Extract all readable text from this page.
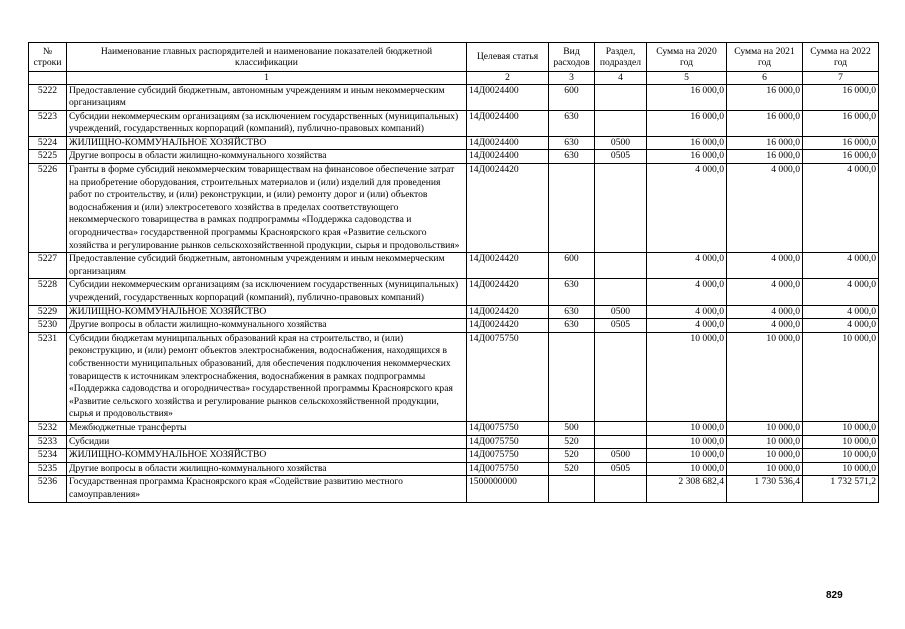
№ строки	Наименование главных распорядителей и наименование показателей бюджетной классификации	Целевая статья	Вид расходов	Раздел, подраздел	Сумма на 2020 год	Сумма на 2021 год	Сумма на 2022 год
	1	2	3	4	5	6	7
5222	Предоставление субсидий бюджетным, автономным учреждениям и иным некоммерческим организациям	14Д0024400	600		16 000,0	16 000,0	16 000,0
5223	Субсидии некоммерческим организациям (за исключением государственных (муниципальных) учреждений, государственных корпораций (компаний), публично-правовых компаний)	14Д0024400	630		16 000,0	16 000,0	16 000,0
5224	ЖИЛИЩНО-КОММУНАЛЬНОЕ ХОЗЯЙСТВО	14Д0024400	630	0500	16 000,0	16 000,0	16 000,0
5225	Другие вопросы в области жилищно-коммунального хозяйства	14Д0024400	630	0505	16 000,0	16 000,0	16 000,0
5226	Гранты в форме субсидий некоммерческим товариществам на финансовое обеспечение затрат на приобретение оборудования, строительных материалов и (или) изделий для проведения работ по строительству, и (или) реконструкции, и (или) ремонту дорог и (или) объектов водоснабжения и (или) электросетевого хозяйства в пределах соответствующего некоммерческого товарищества в рамках подпрограммы «Поддержка садоводства и огородничества» государственной программы Красноярского края «Развитие сельского хозяйства и регулирование рынков сельскохозяйственной продукции, сырья и продовольствия»	14Д0024420			4 000,0	4 000,0	4 000,0
5227	Предоставление субсидий бюджетным, автономным учреждениям и иным некоммерческим организациям	14Д0024420	600		4 000,0	4 000,0	4 000,0
5228	Субсидии некоммерческим организациям (за исключением государственных (муниципальных) учреждений, государственных корпораций (компаний), публично-правовых компаний)	14Д0024420	630		4 000,0	4 000,0	4 000,0
5229	ЖИЛИЩНО-КОММУНАЛЬНОЕ ХОЗЯЙСТВО	14Д0024420	630	0500	4 000,0	4 000,0	4 000,0
5230	Другие вопросы в области жилищно-коммунального хозяйства	14Д0024420	630	0505	4 000,0	4 000,0	4 000,0
5231	Субсидии бюджетам муниципальных образований края на строительство, и (или) реконструкцию, и (или) ремонт объектов электроснабжения, водоснабжения, находящихся в собственности муниципальных образований, для обеспечения подключения некоммерческих товариществ к источникам электроснабжения, водоснабжения в рамках подпрограммы «Поддержка садоводства и огородничества» государственной программы Красноярского края «Развитие сельского хозяйства и регулирование рынков сельскохозяйственной продукции, сырья и продовольствия»	14Д0075750			10 000,0	10 000,0	10 000,0
5232	Межбюджетные трансферты	14Д0075750	500		10 000,0	10 000,0	10 000,0
5233	Субсидии	14Д0075750	520		10 000,0	10 000,0	10 000,0
5234	ЖИЛИЩНО-КОММУНАЛЬНОЕ ХОЗЯЙСТВО	14Д0075750	520	0500	10 000,0	10 000,0	10 000,0
5235	Другие вопросы в области жилищно-коммунального хозяйства	14Д0075750	520	0505	10 000,0	10 000,0	10 000,0
5236	Государственная программа Красноярского края «Содействие развитию местного самоуправления»	1500000000			2 308 682,4	1 730 536,4	1 732 571,2
829
